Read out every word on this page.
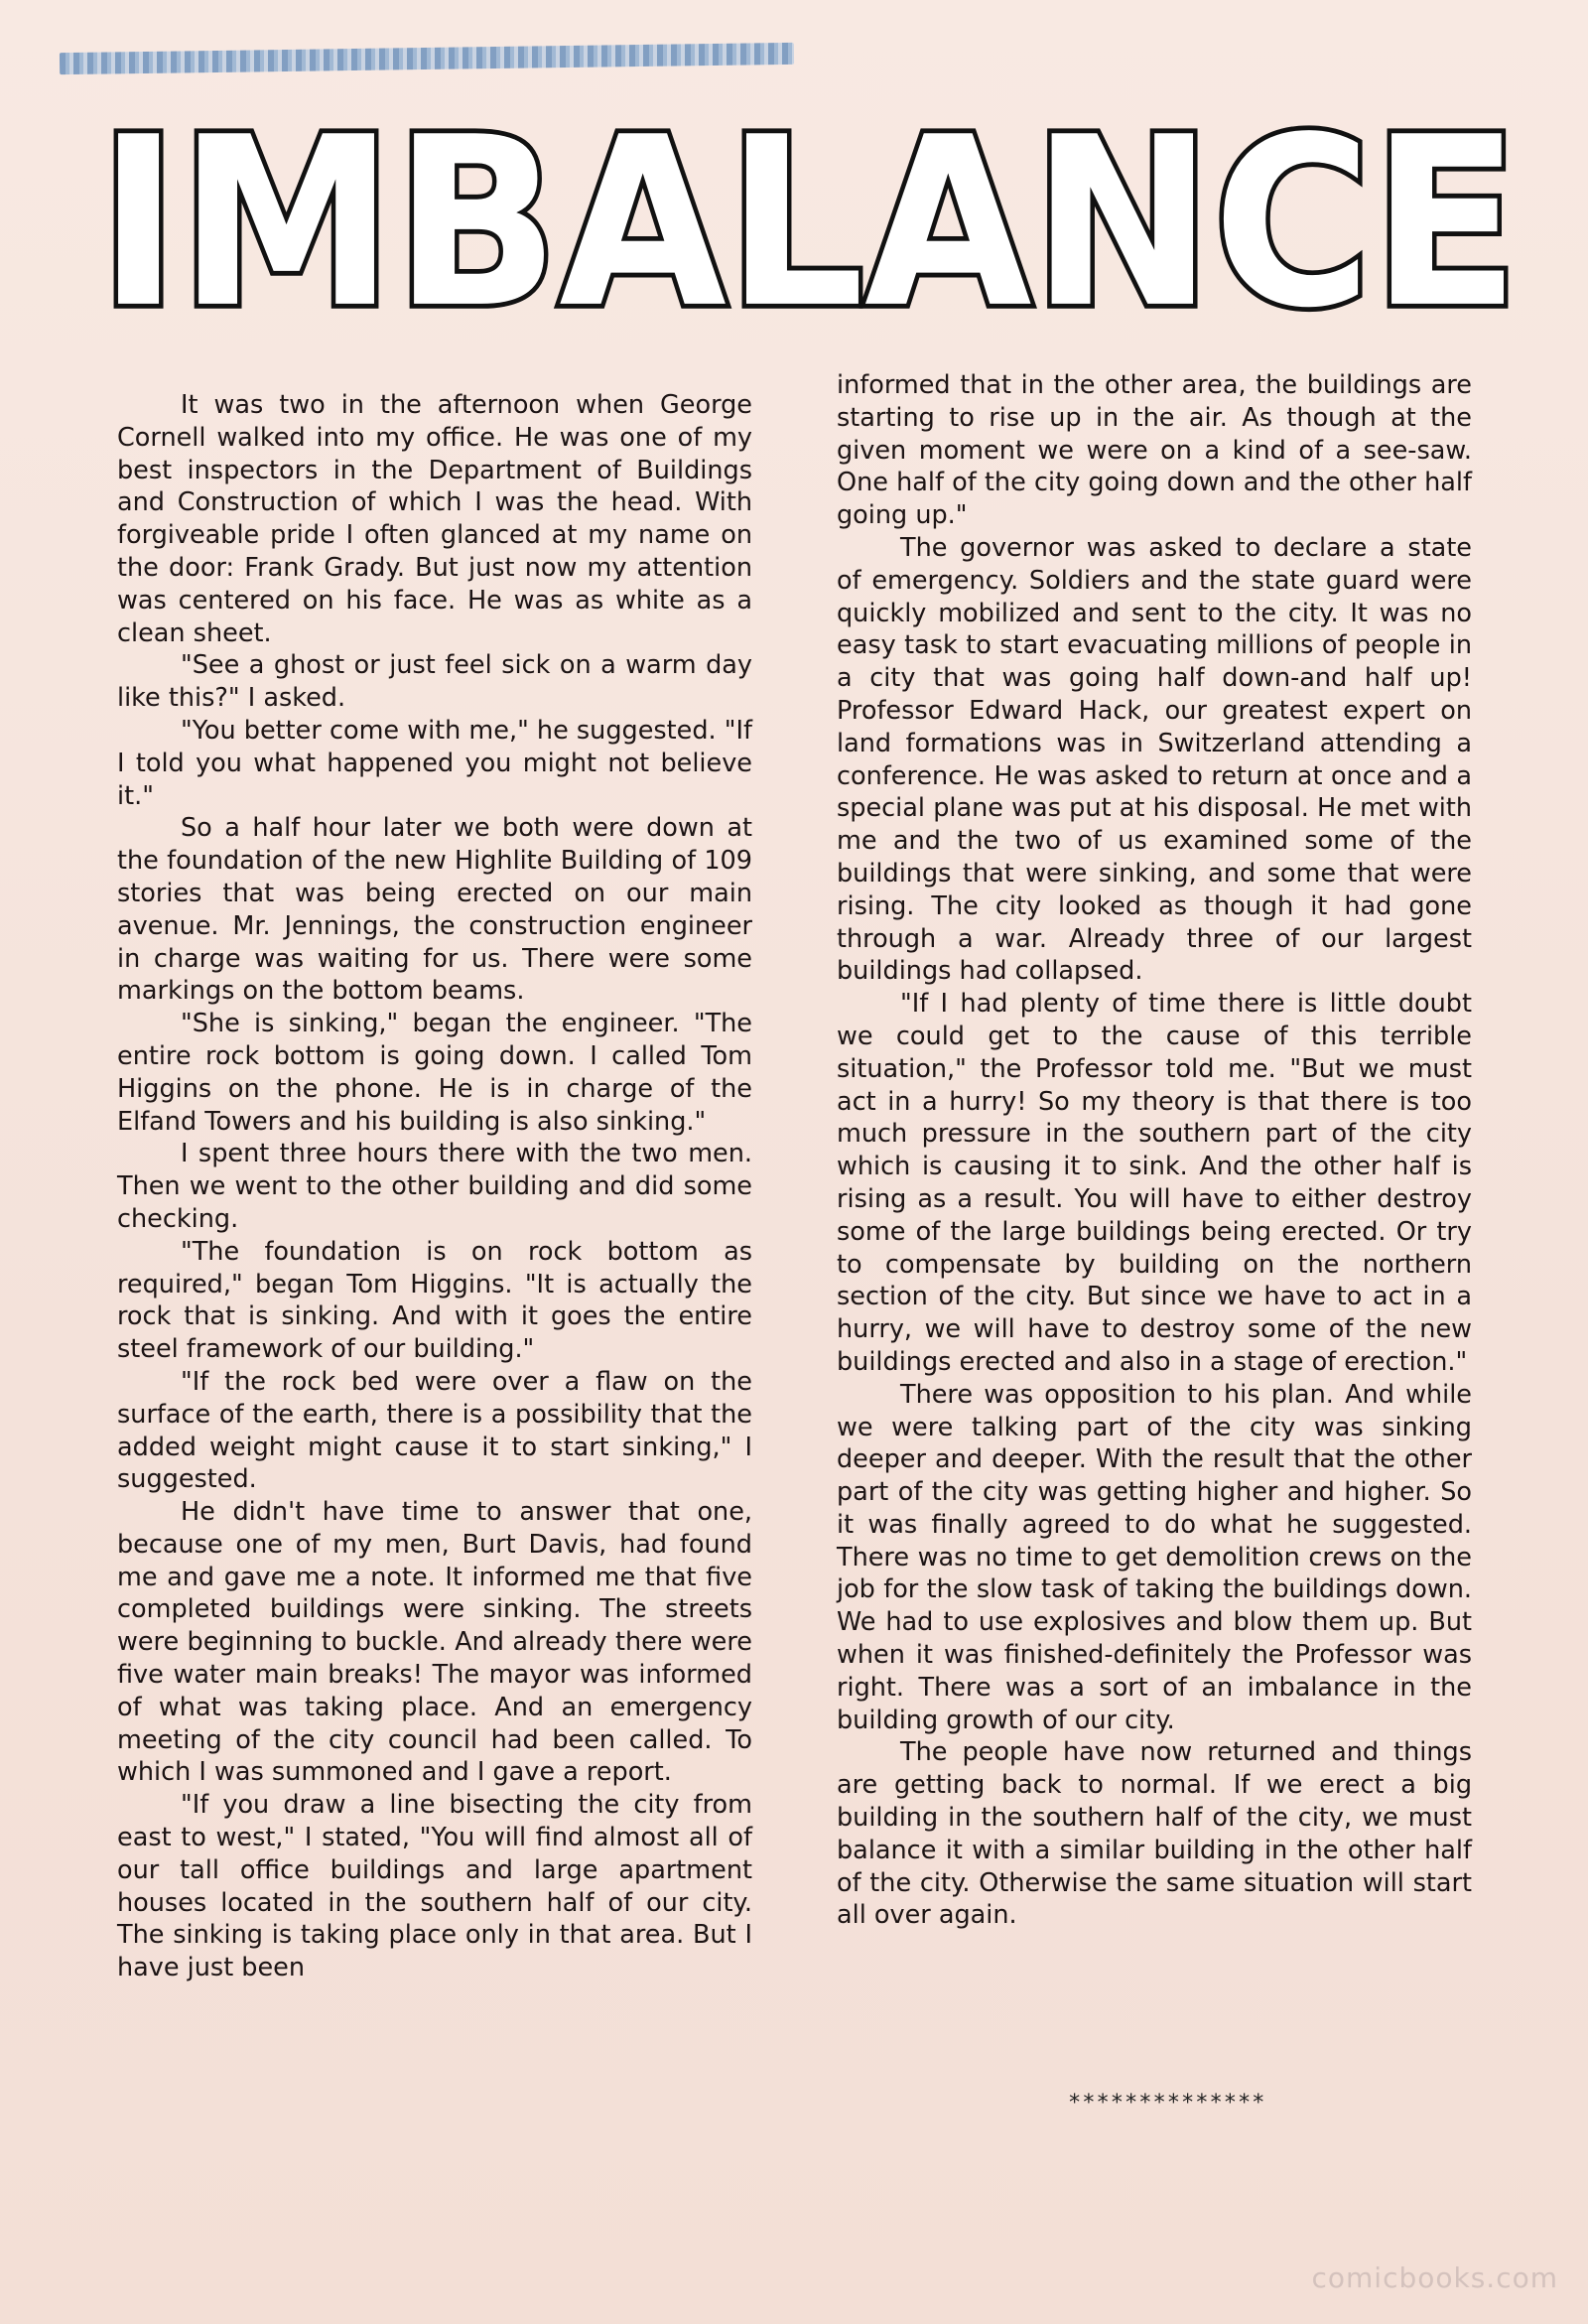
IMBALANCE

It was two in the afternoon when George Cornell walked into my office. He was one of my best inspectors in the Department of Buildings and Construction of which I was the head. With forgiveable pride I often glanced at my name on the door: Frank Grady. But just now my attention was centered on his face. He was as white as a clean sheet.

"See a ghost or just feel sick on a warm day like this?" I asked.

"You better come with me," he suggested. "If I told you what happened you might not believe it."

So a half hour later we both were down at the foundation of the new Highlite Building of 109 stories that was being erected on our main avenue. Mr. Jennings, the construction engineer in charge was waiting for us. There were some markings on the bottom beams.

"She is sinking," began the engineer. "The entire rock bottom is going down. I called Tom Higgins on the phone. He is in charge of the Elfand Towers and his building is also sinking."

I spent three hours there with the two men. Then we went to the other building and did some checking.

"The foundation is on rock bottom as required," began Tom Higgins. "It is actually the rock that is sinking. And with it goes the entire steel framework of our building."

"If the rock bed were over a flaw on the surface of the earth, there is a possibility that the added weight might cause it to start sinking," I suggested.

He didn't have time to answer that one, because one of my men, Burt Davis, had found me and gave me a note. It informed me that five completed buildings were sinking. The streets were beginning to buckle. And already there were five water main breaks! The mayor was informed of what was taking place. And an emergency meeting of the city council had been called. To which I was summoned and I gave a report.

"If you draw a line bisecting the city from east to west," I stated, "You will find almost all of our tall office buildings and large apartment houses located in the southern half of our city. The sinking is taking place only in that area. But I have just been

informed that in the other area, the buildings are starting to rise up in the air. As though at the given moment we were on a kind of a see-saw. One half of the city going down and the other half going up."

The governor was asked to declare a state of emergency. Soldiers and the state guard were quickly mobilized and sent to the city. It was no easy task to start evacuating millions of people in a city that was going half down-and half up! Professor Edward Hack, our greatest expert on land formations was in Switzerland attending a conference. He was asked to return at once and a special plane was put at his disposal. He met with me and the two of us examined some of the buildings that were sinking, and some that were rising. The city looked as though it had gone through a war. Already three of our largest buildings had collapsed.

"If I had plenty of time there is little doubt we could get to the cause of this terrible situation," the Professor told me. "But we must act in a hurry! So my theory is that there is too much pressure in the southern part of the city which is causing it to sink. And the other half is rising as a result. You will have to either destroy some of the large buildings being erected. Or try to compensate by building on the northern section of the city. But since we have to act in a hurry, we will have to destroy some of the new buildings erected and also in a stage of erection."

There was opposition to his plan. And while we were talking part of the city was sinking deeper and deeper. With the result that the other part of the city was getting higher and higher. So it was finally agreed to do what he suggested. There was no time to get demolition crews on the job for the slow task of taking the buildings down. We had to use explosives and blow them up. But when it was finished-definitely the Professor was right. There was a sort of an imbalance in the building growth of our city.

The people have now returned and things are getting back to normal. If we erect a big building in the southern half of the city, we must balance it with a similar building in the other half of the city. Otherwise the same situation will start all over again.

**************
comicbooks.com
